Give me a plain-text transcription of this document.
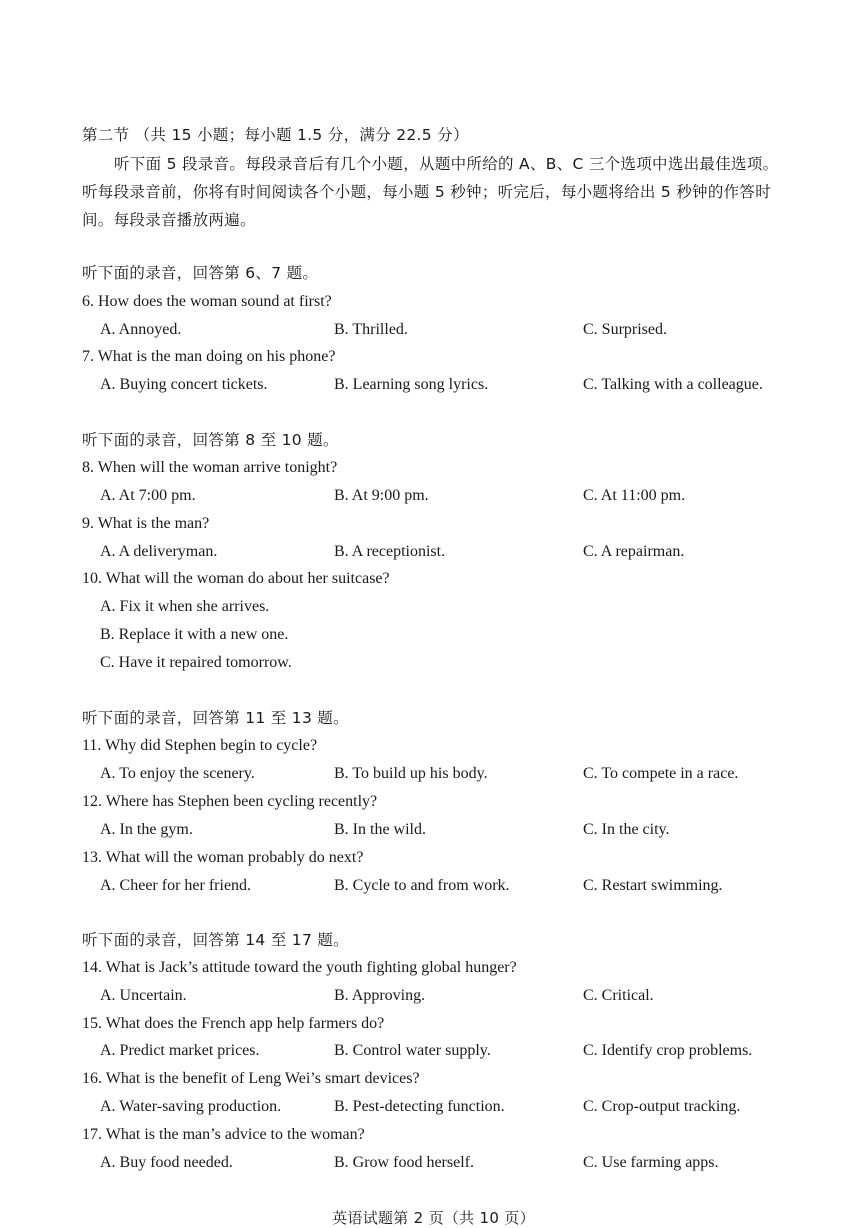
第二节 （共 15 小题；每小题 1.5 分，满分 22.5 分）
听下面 5 段录音。每段录音后有几个小题，从题中所给的 A、B、C 三个选项中选出最佳选项。听每段录音前，你将有时间阅读各个小题，每小题 5 秒钟；听完后，每小题将给出 5 秒钟的作答时间。每段录音播放两遍。
听下面的录音，回答第 6、7 题。
6. How does the woman sound at first?
A. Annoyed.	B. Thrilled.	C. Surprised.
7. What is the man doing on his phone?
A. Buying concert tickets.	B. Learning song lyrics.	C. Talking with a colleague.
听下面的录音，回答第 8 至 10 题。
8. When will the woman arrive tonight?
A. At 7:00 pm.	B. At 9:00 pm.	C. At 11:00 pm.
9. What is the man?
A. A deliveryman.	B. A receptionist.	C. A repairman.
10. What will the woman do about her suitcase?
A. Fix it when she arrives.
B. Replace it with a new one.
C. Have it repaired tomorrow.
听下面的录音，回答第 11 至 13 题。
11. Why did Stephen begin to cycle?
A. To enjoy the scenery.	B. To build up his body.	C. To compete in a race.
12. Where has Stephen been cycling recently?
A. In the gym.	B. In the wild.	C. In the city.
13. What will the woman probably do next?
A. Cheer for her friend.	B. Cycle to and from work.	C. Restart swimming.
听下面的录音，回答第 14 至 17 题。
14. What is Jack’s attitude toward the youth fighting global hunger?
A. Uncertain.	B. Approving.	C. Critical.
15. What does the French app help farmers do?
A. Predict market prices.	B. Control water supply.	C. Identify crop problems.
16. What is the benefit of Leng Wei’s smart devices?
A. Water-saving production.	B. Pest-detecting function.	C. Crop-output tracking.
17. What is the man’s advice to the woman?
A. Buy food needed.	B. Grow food herself.	C. Use farming apps.
英语试题第 2 页（共 10 页）
